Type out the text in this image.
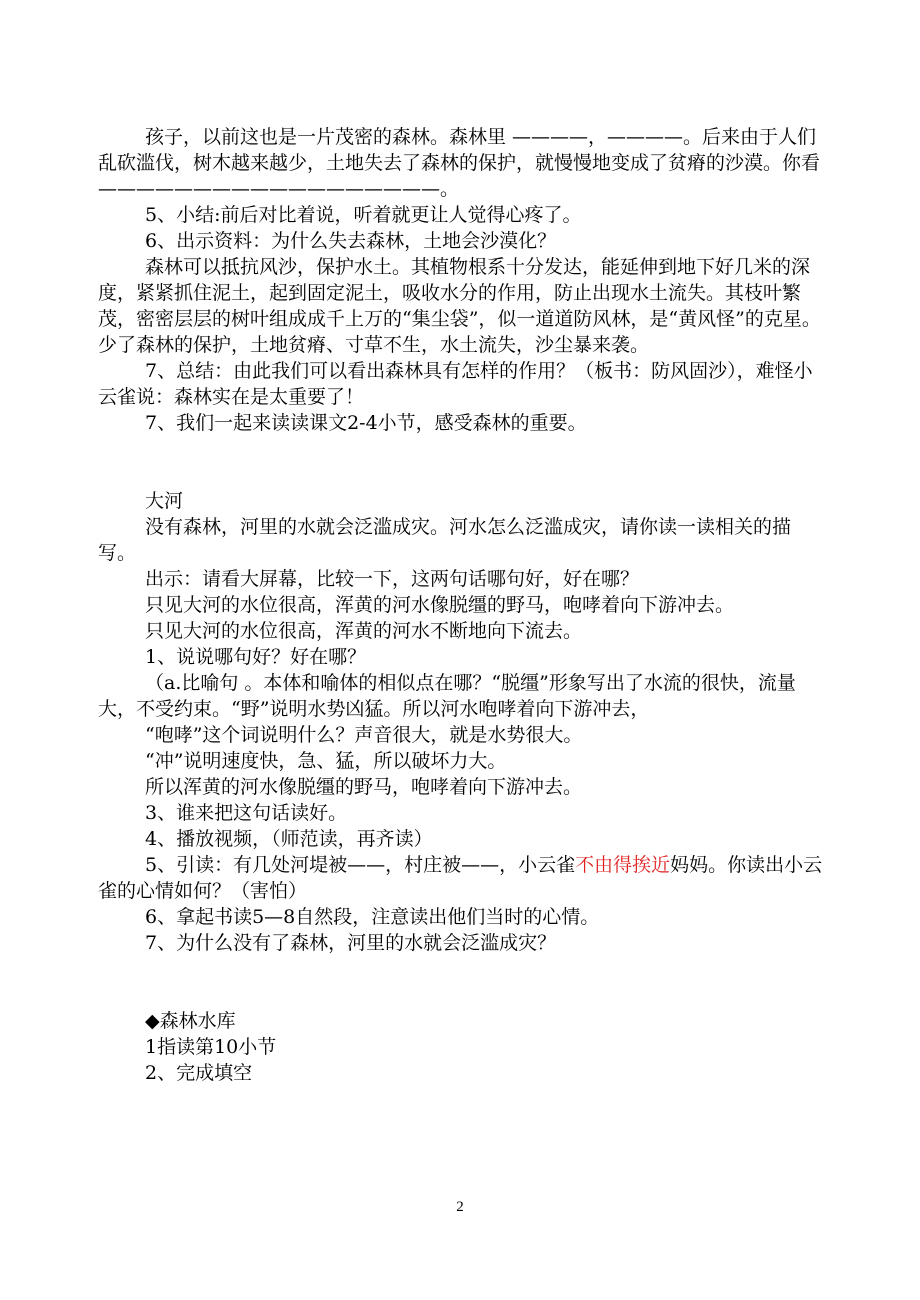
孩子，以前这也是一片茂密的森林。森林里 ————，————。后来由于人们乱砍滥伐，树木越来越少，土地失去了森林的保护，就慢慢地变成了贫瘠的沙漠。你看——————————————————。

5、小结:前后对比着说，听着就更让人觉得心疼了。

6、出示资料：为什么失去森林，土地会沙漠化？

森林可以抵抗风沙，保护水土。其植物根系十分发达，能延伸到地下好几米的深度，紧紧抓住泥土，起到固定泥土，吸收水分的作用，防止出现水土流失。其枝叶繁茂，密密层层的树叶组成成千上万的“集尘袋”，似一道道防风林，是“黄风怪”的克星。少了森林的保护，土地贫瘠、寸草不生，水土流失，沙尘暴来袭。

7、总结：由此我们可以看出森林具有怎样的作用？（板书：防风固沙），难怪小云雀说：森林实在是太重要了！

7、我们一起来读读课文2-4小节，感受森林的重要。

大河

没有森林，河里的水就会泛滥成灾。河水怎么泛滥成灾，请你读一读相关的描写。

出示：请看大屏幕，比较一下，这两句话哪句好，好在哪？

只见大河的水位很高，浑黄的河水像脱缰的野马，咆哮着向下游冲去。

只见大河的水位很高，浑黄的河水不断地向下流去。

1、说说哪句好？好在哪？

（a.比喻句 。本体和喻体的相似点在哪？“脱缰”形象写出了水流的很快，流量大，不受约束。“野”说明水势凶猛。所以河水咆哮着向下游冲去，

“咆哮”这个词说明什么？声音很大，就是水势很大。

“冲”说明速度快，急、猛，所以破坏力大。

所以浑黄的河水像脱缰的野马，咆哮着向下游冲去。

3、谁来把这句话读好。

4、播放视频，（师范读，再齐读）

5、引读：有几处河堤被——，村庄被——，小云雀不由得挨近妈妈。你读出小云雀的心情如何？（害怕）

6、拿起书读5—8自然段，注意读出他们当时的心情。

7、为什么没有了森林，河里的水就会泛滥成灾？

◆森林水库

1指读第10小节

2、完成填空

2
